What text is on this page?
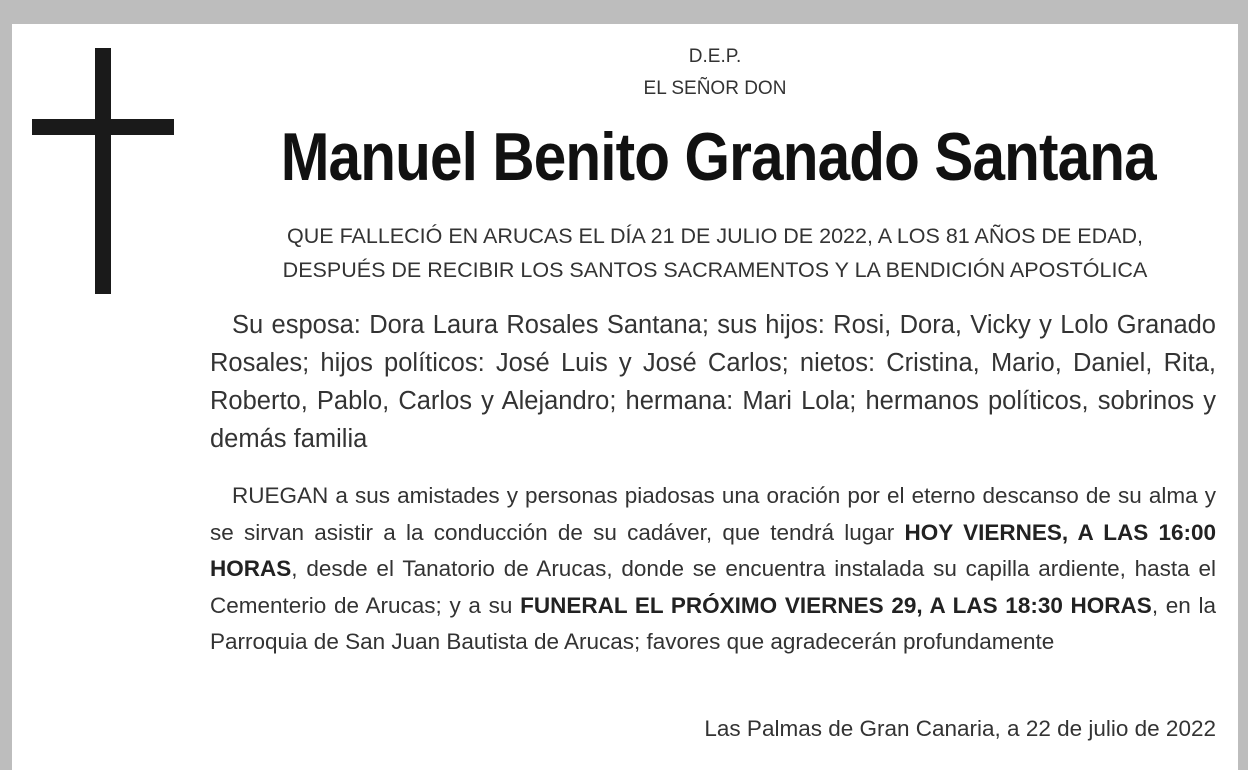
D.E.P.
EL SEÑOR DON
Manuel Benito Granado Santana
QUE FALLECIÓ EN ARUCAS EL DÍA 21 DE JULIO DE 2022, A LOS 81 AÑOS DE EDAD,
DESPUÉS DE RECIBIR LOS SANTOS SACRAMENTOS Y LA BENDICIÓN APOSTÓLICA
Su esposa: Dora Laura Rosales Santana; sus hijos: Rosi, Dora, Vicky y Lolo Granado Rosales; hijos políticos: José Luis y José Carlos; nietos: Cristina, Mario, Daniel, Rita, Roberto, Pablo, Carlos y Alejandro; hermana: Mari Lola; hermanos políticos, sobrinos y demás familia
RUEGAN a sus amistades y personas piadosas una oración por el eterno descanso de su alma y se sirvan asistir a la conducción de su cadáver, que tendrá lugar HOY VIERNES, A LAS 16:00 HORAS, desde el Tanatorio de Arucas, donde se encuentra instalada su capilla ardiente, hasta el Cementerio de Arucas; y a su FUNERAL EL PRÓXIMO VIERNES 29, A LAS 18:30 HORAS, en la Parroquia de San Juan Bautista de Arucas; favores que agradecerán profundamente
Las Palmas de Gran Canaria, a 22 de julio de 2022
